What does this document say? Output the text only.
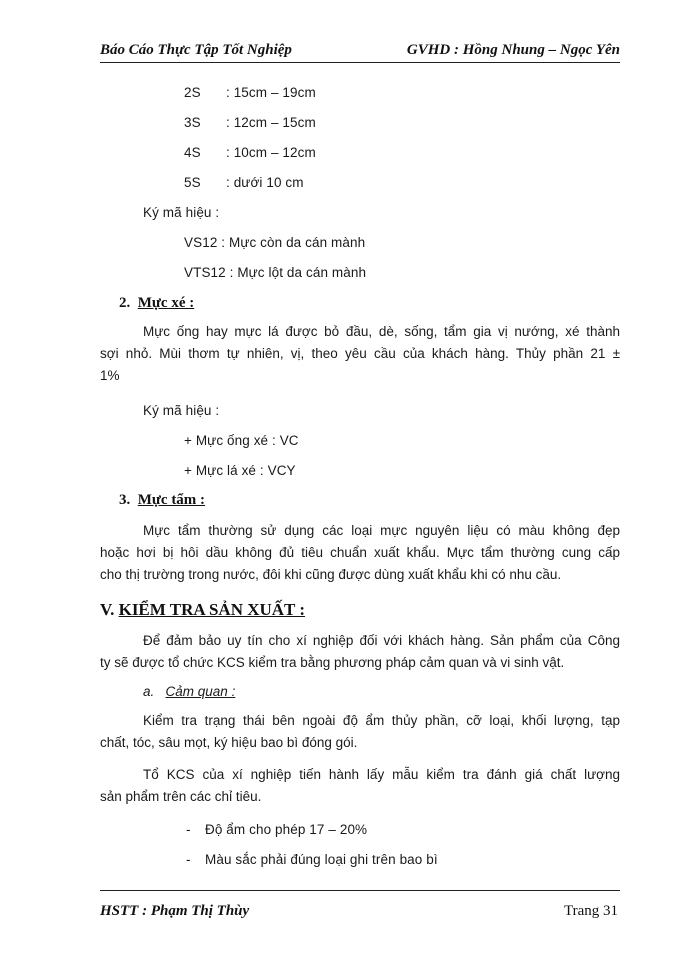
Báo Cáo Thực Tập Tốt Nghiệp	GVHD : Hồng Nhung – Ngọc Yên
2S : 15cm – 19cm
3S : 12cm – 15cm
4S : 10cm – 12cm
5S : dưới 10 cm
Ký mã hiệu :
VS12 : Mực còn da cán mành
VTS12 : Mực lột da cán mành
2. Mực xé :
Mực ống hay mực lá được bỏ đầu, dè, sống, tẩm gia vị nướng, xé thành
sợi nhỏ. Mùi thơm tự nhiên, vị, theo yêu cầu của khách hàng. Thủy phần 21 ±
1%
Ký mã hiệu :
+ Mực ống xé : VC
+ Mực lá xé : VCY
3. Mực tẩm :
Mực tẩm thường sử dụng các loại mực nguyên liệu có màu không đẹp
hoặc hơi bị hôi dầu không đủ tiêu chuẩn xuất khẩu. Mực tẩm thường cung cấp
cho thị trường trong nước, đôi khi cũng được dùng xuất khẩu khi có nhu cầu.
V. KIỂM TRA SẢN XUẤT :
Để đảm bảo uy tín cho xí nghiệp đối với khách hàng. Sản phẩm của Công
ty sẽ được tổ chức KCS kiểm tra bằng phương pháp cảm quan và vi sinh vật.
a. Cảm quan :
Kiểm tra trạng thái bên ngoài độ ẩm thủy phần, cỡ loại, khối lượng, tạp
chất, tóc, sâu mọt, ký hiệu bao bì đóng gói.
Tổ KCS của xí nghiệp tiến hành lấy mẫu kiểm tra đánh giá chất lượng
sản phẩm trên các chỉ tiêu.
- Độ ẩm cho phép 17 – 20%
- Màu sắc phải đúng loại ghi trên bao bì
HSTT : Phạm Thị Thùy	Trang 31
